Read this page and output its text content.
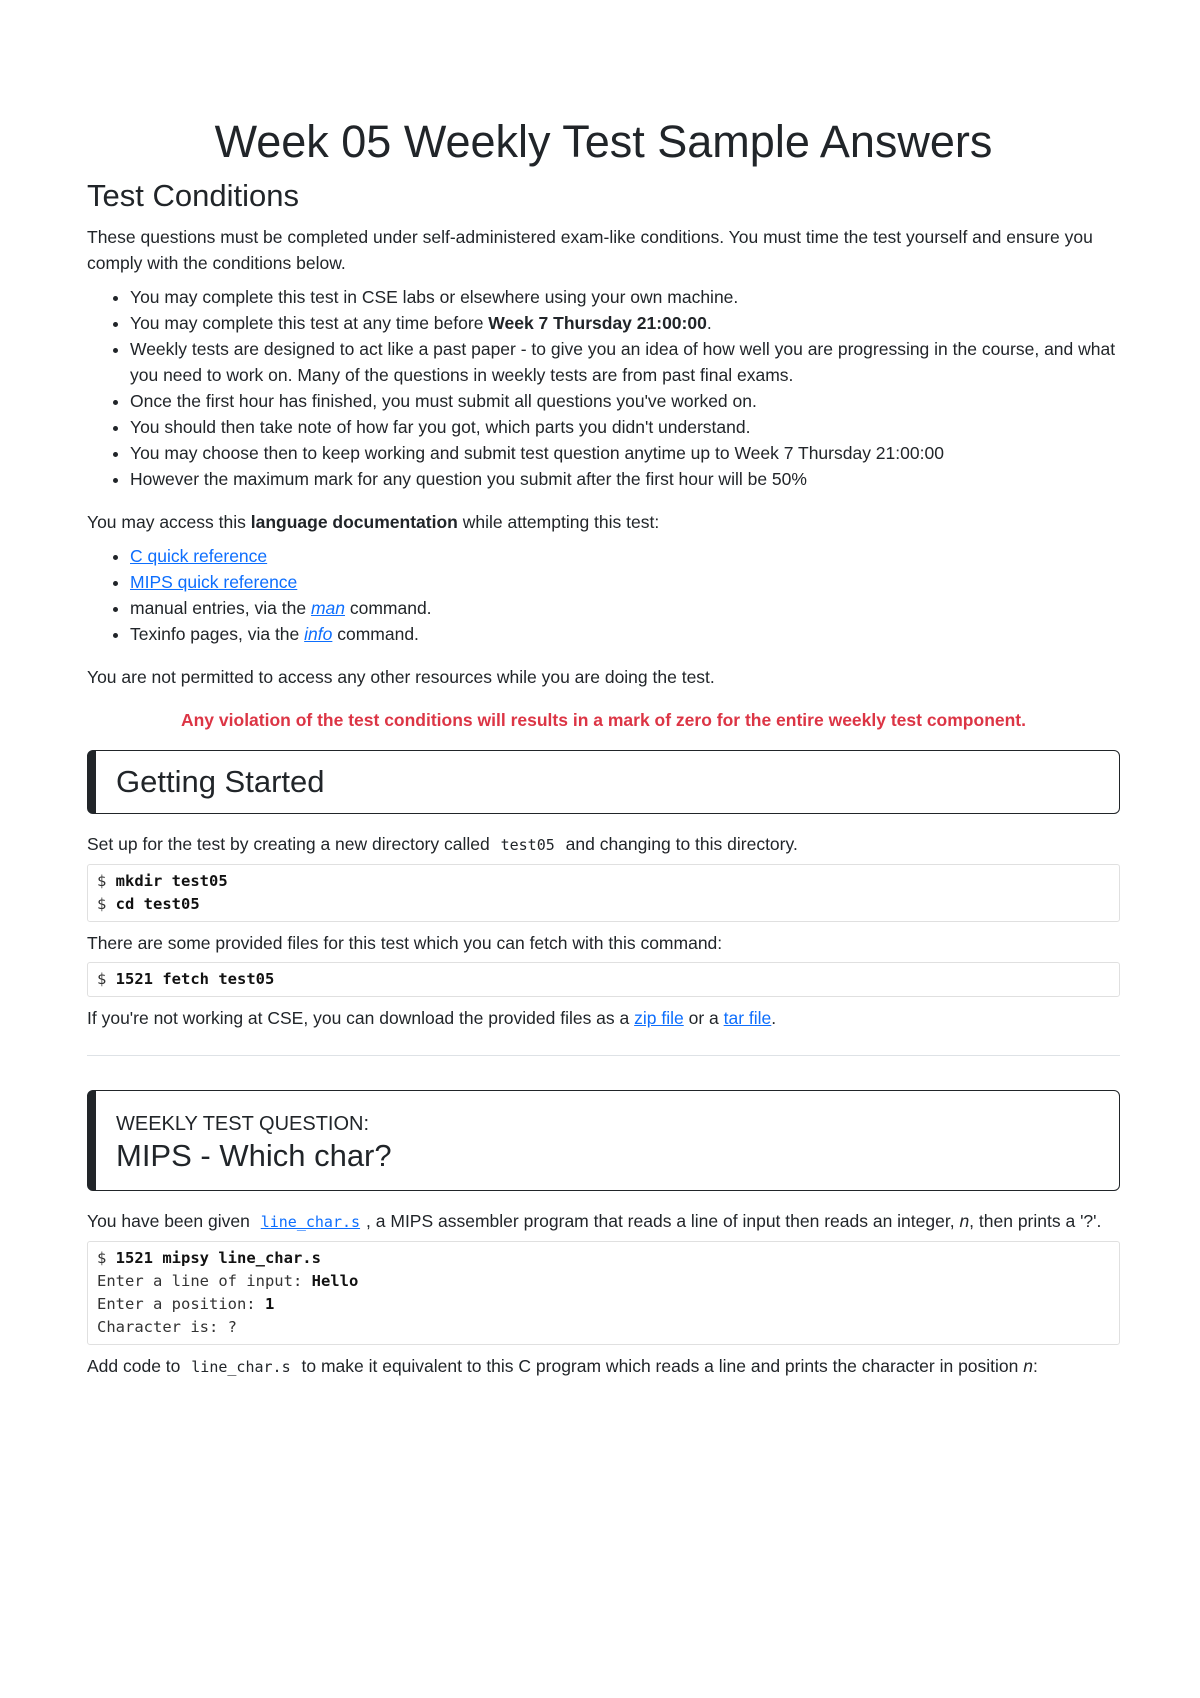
Week 05 Weekly Test Sample Answers
Test Conditions

These questions must be completed under self-administered exam-like conditions. You must time the test yourself and ensure you comply with the conditions below.

• You may complete this test in CSE labs or elsewhere using your own machine.
• You may complete this test at any time before Week 7 Thursday 21:00:00.
• Weekly tests are designed to act like a past paper - to give you an idea of how well you are progressing in the course, and what you need to work on. Many of the questions in weekly tests are from past final exams.
• Once the first hour has finished, you must submit all questions you've worked on.
• You should then take note of how far you got, which parts you didn't understand.
• You may choose then to keep working and submit test question anytime up to Week 7 Thursday 21:00:00
• However the maximum mark for any question you submit after the first hour will be 50%

You may access this language documentation while attempting this test:

• C quick reference
• MIPS quick reference
• manual entries, via the man command.
• Texinfo pages, via the info command.

You are not permitted to access any other resources while you are doing the test.

Any violation of the test conditions will results in a mark of zero for the entire weekly test component.

Getting Started

Set up for the test by creating a new directory called test05 and changing to this directory.

$ mkdir test05
$ cd test05

There are some provided files for this test which you can fetch with this command:

$ 1521 fetch test05

If you're not working at CSE, you can download the provided files as a zip file or a tar file.

WEEKLY TEST QUESTION:
MIPS - Which char?

You have been given line_char.s , a MIPS assembler program that reads a line of input then reads an integer, n, then prints a '?'.

$ 1521 mipsy line_char.s
Enter a line of input: Hello
Enter a position: 1
Character is: ?

Add code to line_char.s to make it equivalent to this C program which reads a line and prints the character in position n:
